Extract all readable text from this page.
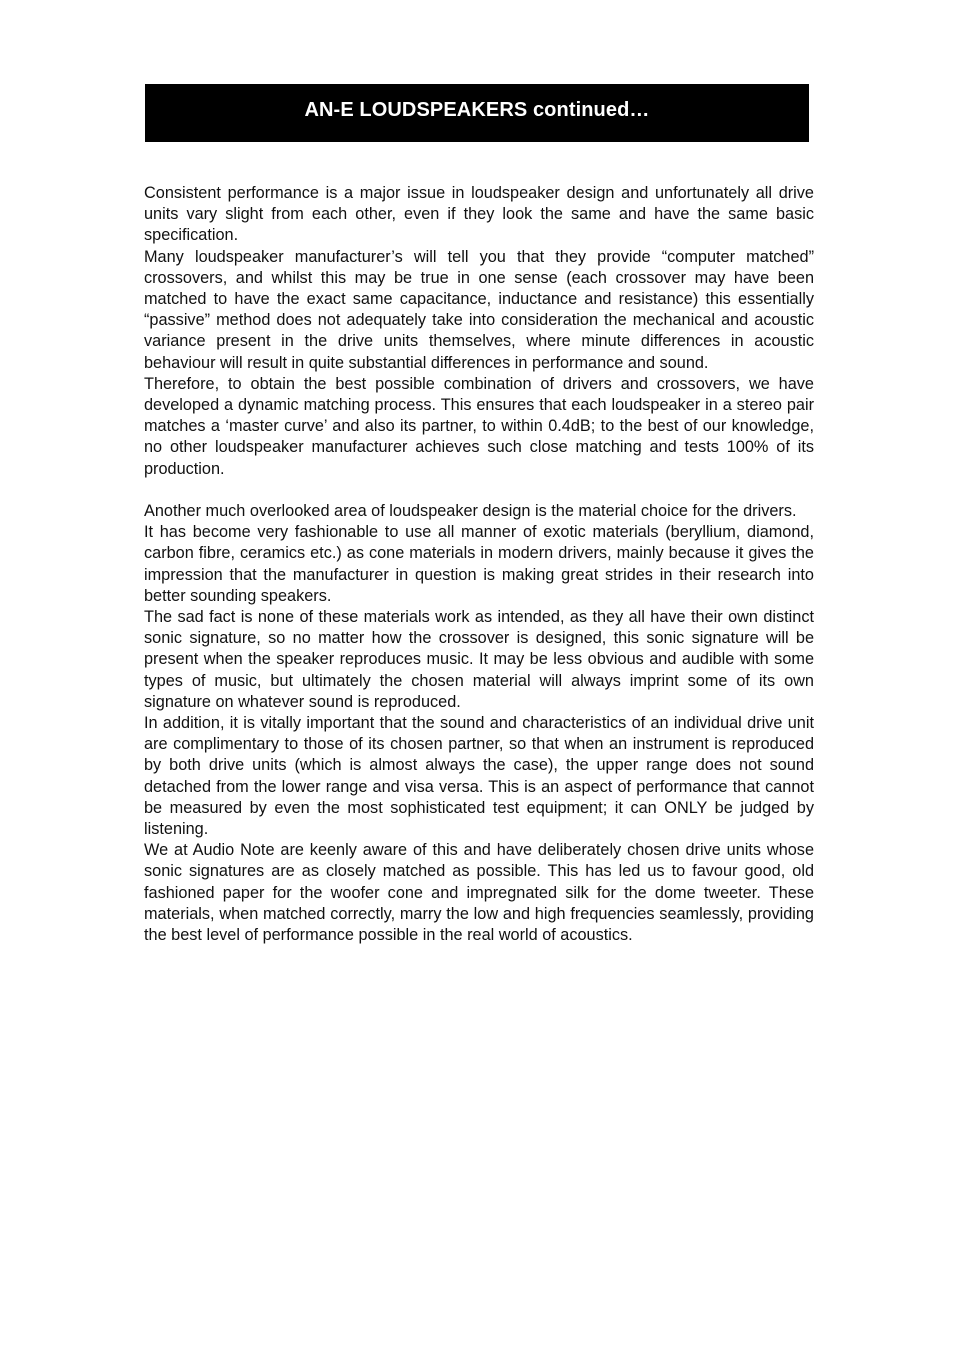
AN-E LOUDSPEAKERS continued…

Consistent performance is a major issue in loudspeaker design and unfortunately all drive units vary slight from each other, even if they look the same and have the same basic specification.

Many loudspeaker manufacturer’s will tell you that they provide “computer matched” crossovers, and whilst this may be true in one sense (each crossover may have been matched to have the exact same capacitance, inductance and resistance) this essentially “passive” method does not adequately take into consideration the mechanical and acoustic variance present in the drive units themselves, where minute differences in acoustic behaviour will result in quite substantial differences in performance and sound.

Therefore, to obtain the best possible combination of drivers and crossovers, we have developed a dynamic matching process. This ensures that each loudspeaker in a stereo pair matches a ‘master curve’ and also its partner, to within 0.4dB; to the best of our knowledge, no other loudspeaker manufacturer achieves such close matching and tests 100% of its production.

Another much overlooked area of loudspeaker design is the material choice for the drivers.

It has become very fashionable to use all manner of exotic materials (beryllium, diamond, carbon fibre, ceramics etc.) as cone materials in modern drivers, mainly because it gives the impression that the manufacturer in question is making great strides in their research into better sounding speakers.

The sad fact is none of these materials work as intended, as they all have their own distinct sonic signature, so no matter how the crossover is designed, this sonic signature will be present when the speaker reproduces music. It may be less obvious and audible with some types of music, but ultimately the chosen material will always imprint some of its own signature on whatever sound is reproduced.

In addition, it is vitally important that the sound and characteristics of an individual drive unit are complimentary to those of its chosen partner, so that when an instrument is reproduced by both drive units (which is almost always the case), the upper range does not sound detached from the lower range and visa versa. This is an aspect of performance that cannot be measured by even the most sophisticated test equipment; it can ONLY be judged by listening.

We at Audio Note are keenly aware of this and have deliberately chosen drive units whose sonic signatures are as closely matched as possible. This has led us to favour good, old fashioned paper for the woofer cone and impregnated silk for the dome tweeter. These materials, when matched correctly, marry the low and high frequencies seamlessly, providing the best level of performance possible in the real world of acoustics.
